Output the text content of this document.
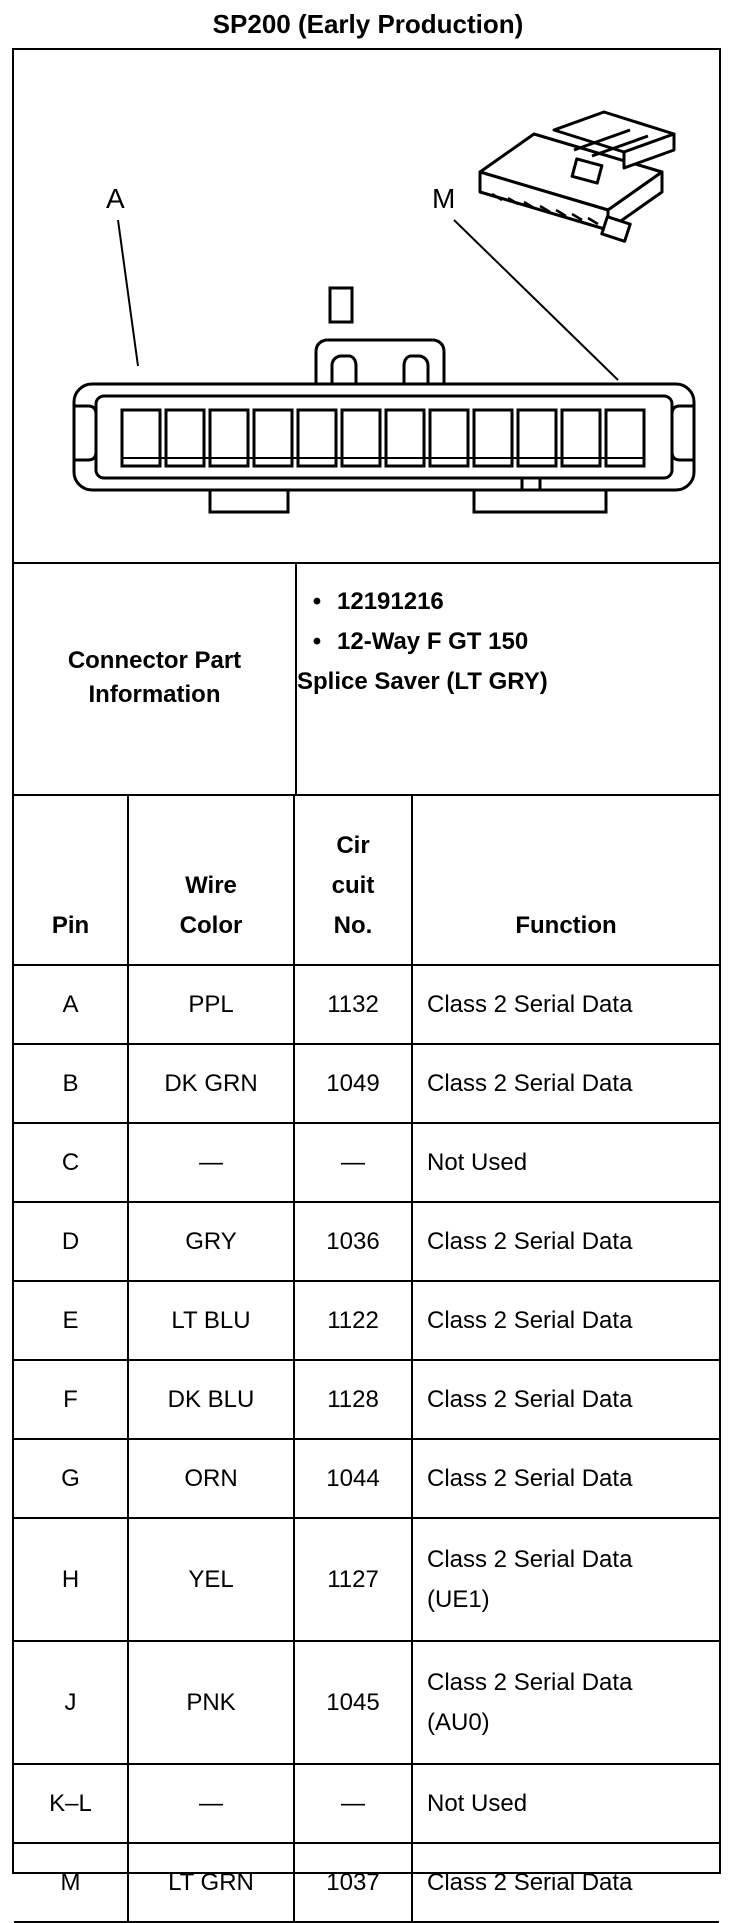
SP200 (Early Production)
A	M
Connector Part Information
• 12191216
• 12-Way F GT 150
Splice Saver (LT GRY)
Pin	Wire Color	Cir cuit No.	Function
A	PPL	1132	Class 2 Serial Data
B	DK GRN	1049	Class 2 Serial Data
C	—	—	Not Used
D	GRY	1036	Class 2 Serial Data
E	LT BLU	1122	Class 2 Serial Data
F	DK BLU	1128	Class 2 Serial Data
G	ORN	1044	Class 2 Serial Data
H	YEL	1127	Class 2 Serial Data (UE1)

J	PNK	1045	Class 2 Serial Data (AU0)

K–L	—	—	Not Used
M	LT GRN	1037	Class 2 Serial Data
